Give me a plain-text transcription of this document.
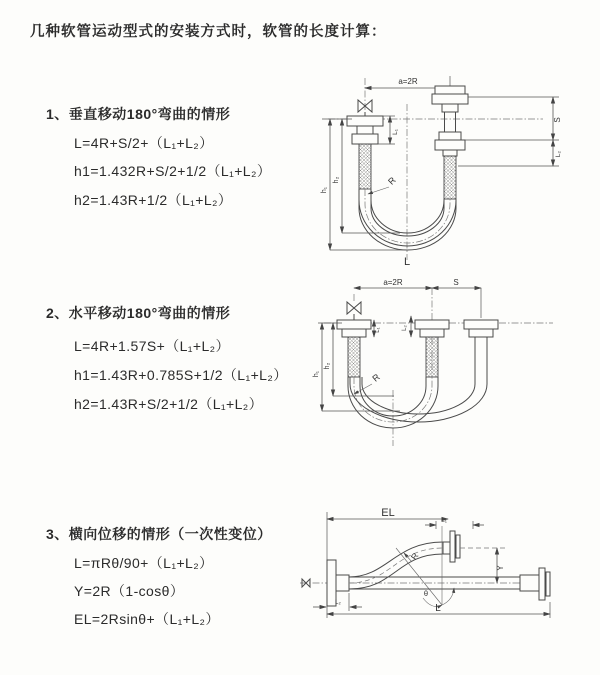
几种软管运动型式的安装方式时，软管的长度计算：
1、垂直移动180°弯曲的情形
L=4R+S/2+（L₁+L₂）
h1=1.432R+S/2+1/2（L₁+L₂）
h2=1.43R+1/2（L₁+L₂）
2、水平移动180°弯曲的情形
L=4R+1.57S+（L₁+L₂）
h1=1.43R+0.785S+1/2（L₁+L₂）
h2=1.43R+S/2+1/2（L₁+L₂）
3、横向位移的情形（一次性变位）
L=πRθ/90+（L₁+L₂）
Y=2R（1-cosθ）
EL=2Rsinθ+（L₁+L₂）
a=2R
h₁
h₂
L₁
S
L₂
R
L
a=2R	S
h₁
h₂
L₁	L₂
R
EL
L₁
Y
R
θ
L₂	L
